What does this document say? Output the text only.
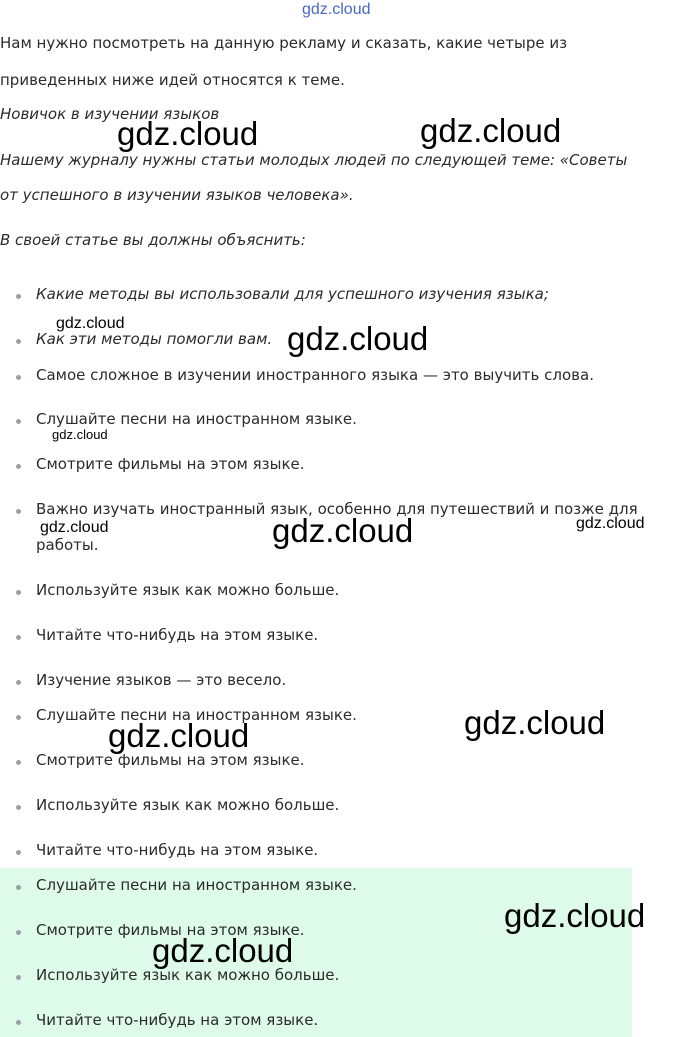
gdz.cloud
Нам нужно посмотреть на данную рекламу и сказать, какие четыре из
приведенных ниже идей относятся к теме.
Новичок в изучении языков
Нашему журналу нужны статьи молодых людей по следующей теме: «Советы
от успешного в изучении языков человека».
В своей статье вы должны объяснить:
Какие методы вы использовали для успешного изучения языка;
Как эти методы помогли вам.
Самое сложное в изучении иностранного языка — это выучить слова.
Слушайте песни на иностранном языке.
Смотрите фильмы на этом языке.
Важно изучать иностранный язык, особенно для путешествий и позже для
работы.
Используйте язык как можно больше.
Читайте что-нибудь на этом языке.
Изучение языков — это весело.
Слушайте песни на иностранном языке.
Смотрите фильмы на этом языке.
Используйте язык как можно больше.
Читайте что-нибудь на этом языке.
Слушайте песни на иностранном языке.
Смотрите фильмы на этом языке.
Используйте язык как можно больше.
Читайте что-нибудь на этом языке.
gdz.cloud	gdz.cloud
gdz.cloud	gdz.cloud
gdz.cloud
gdz.cloud	gdz.cloud	gdz.cloud
gdz.cloud
gdz.cloud
gdz.cloud
gdz.cloud
